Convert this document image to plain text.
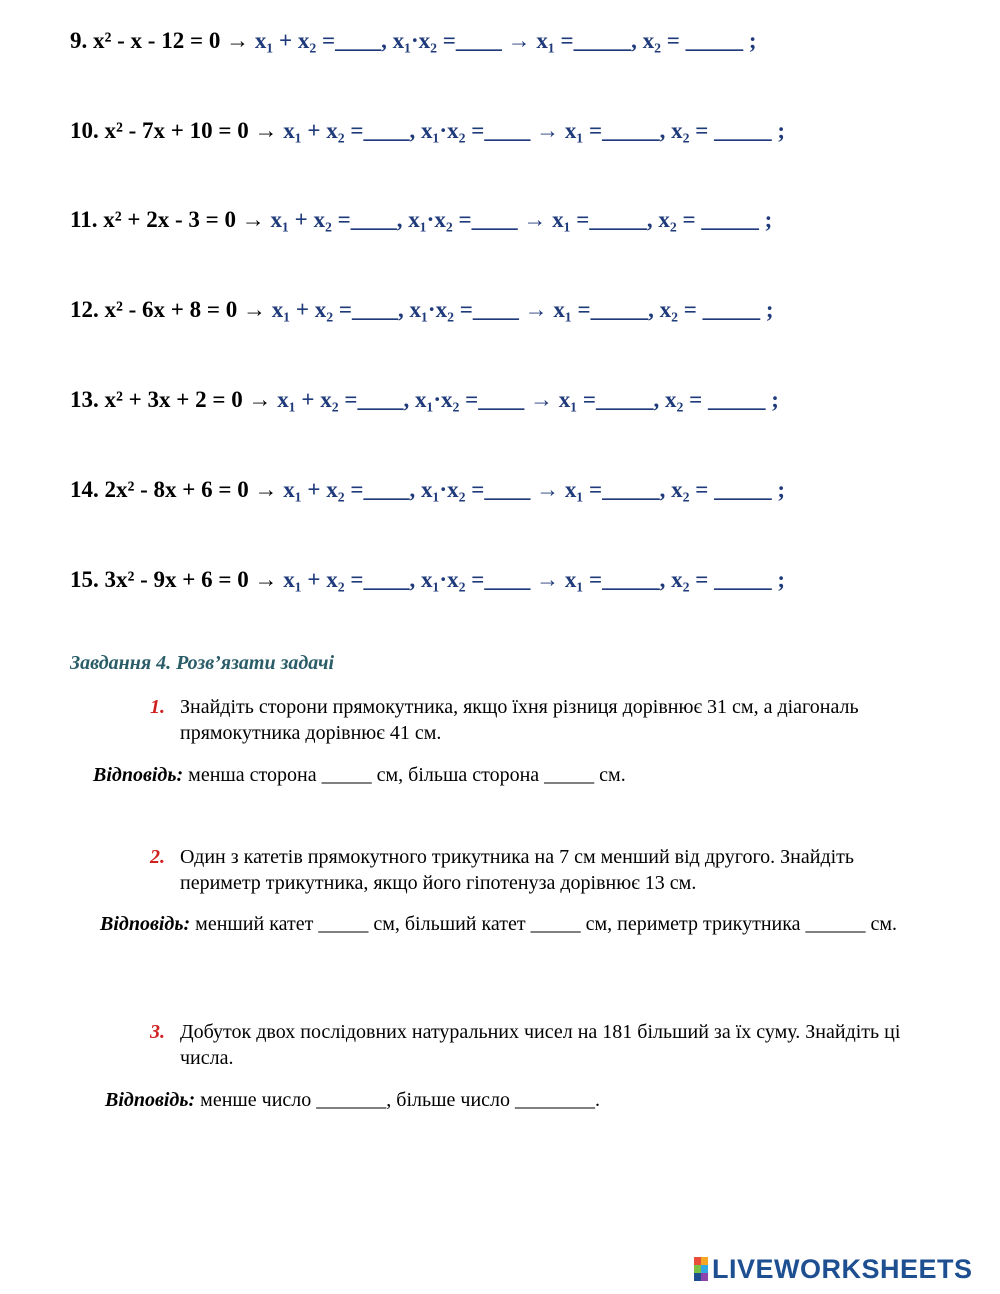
9. x² - x - 12 = 0 → x₁ + x₂ =____, x₁·x₂ =____ → x₁ =_____, x₂ = _____ ;
10. x² - 7x + 10 = 0 → x₁ + x₂ =____, x₁·x₂ =____ → x₁ =_____, x₂ = _____ ;
11. x² + 2x - 3 = 0 → x₁ + x₂ =____, x₁·x₂ =____ → x₁ =_____, x₂ = _____ ;
12. x² - 6x + 8 = 0 → x₁ + x₂ =____, x₁·x₂ =____ → x₁ =_____, x₂ = _____ ;
13. x² + 3x + 2 = 0 → x₁ + x₂ =____, x₁·x₂ =____ → x₁ =_____, x₂ = _____ ;
14. 2x² - 8x + 6 = 0 → x₁ + x₂ =____, x₁·x₂ =____ → x₁ =_____, x₂ = _____ ;
15. 3x² - 9x + 6 = 0 → x₁ + x₂ =____, x₁·x₂ =____ → x₁ =_____, x₂ = _____ ;
Завдання 4. Розв’язати задачі
1. Знайдіть сторони прямокутника, якщо їхня різниця дорівнює 31 см, а діагональ прямокутника дорівнює 41 см.
Відповідь: менша сторона _____ см, більша сторона _____ см.
2. Один з катетів прямокутного трикутника на 7 см менший від другого. Знайдіть периметр трикутника, якщо його гіпотенуза дорівнює 13 см.
Відповідь: менший катет _____ см, більший катет _____ см, периметр трикутника ______ см.
3. Добуток двох послідовних натуральних чисел на 181 більший за їх суму. Знайдіть ці числа.
Відповідь: менше число _______, більше число ________.
LIVEWORKSHEETS
